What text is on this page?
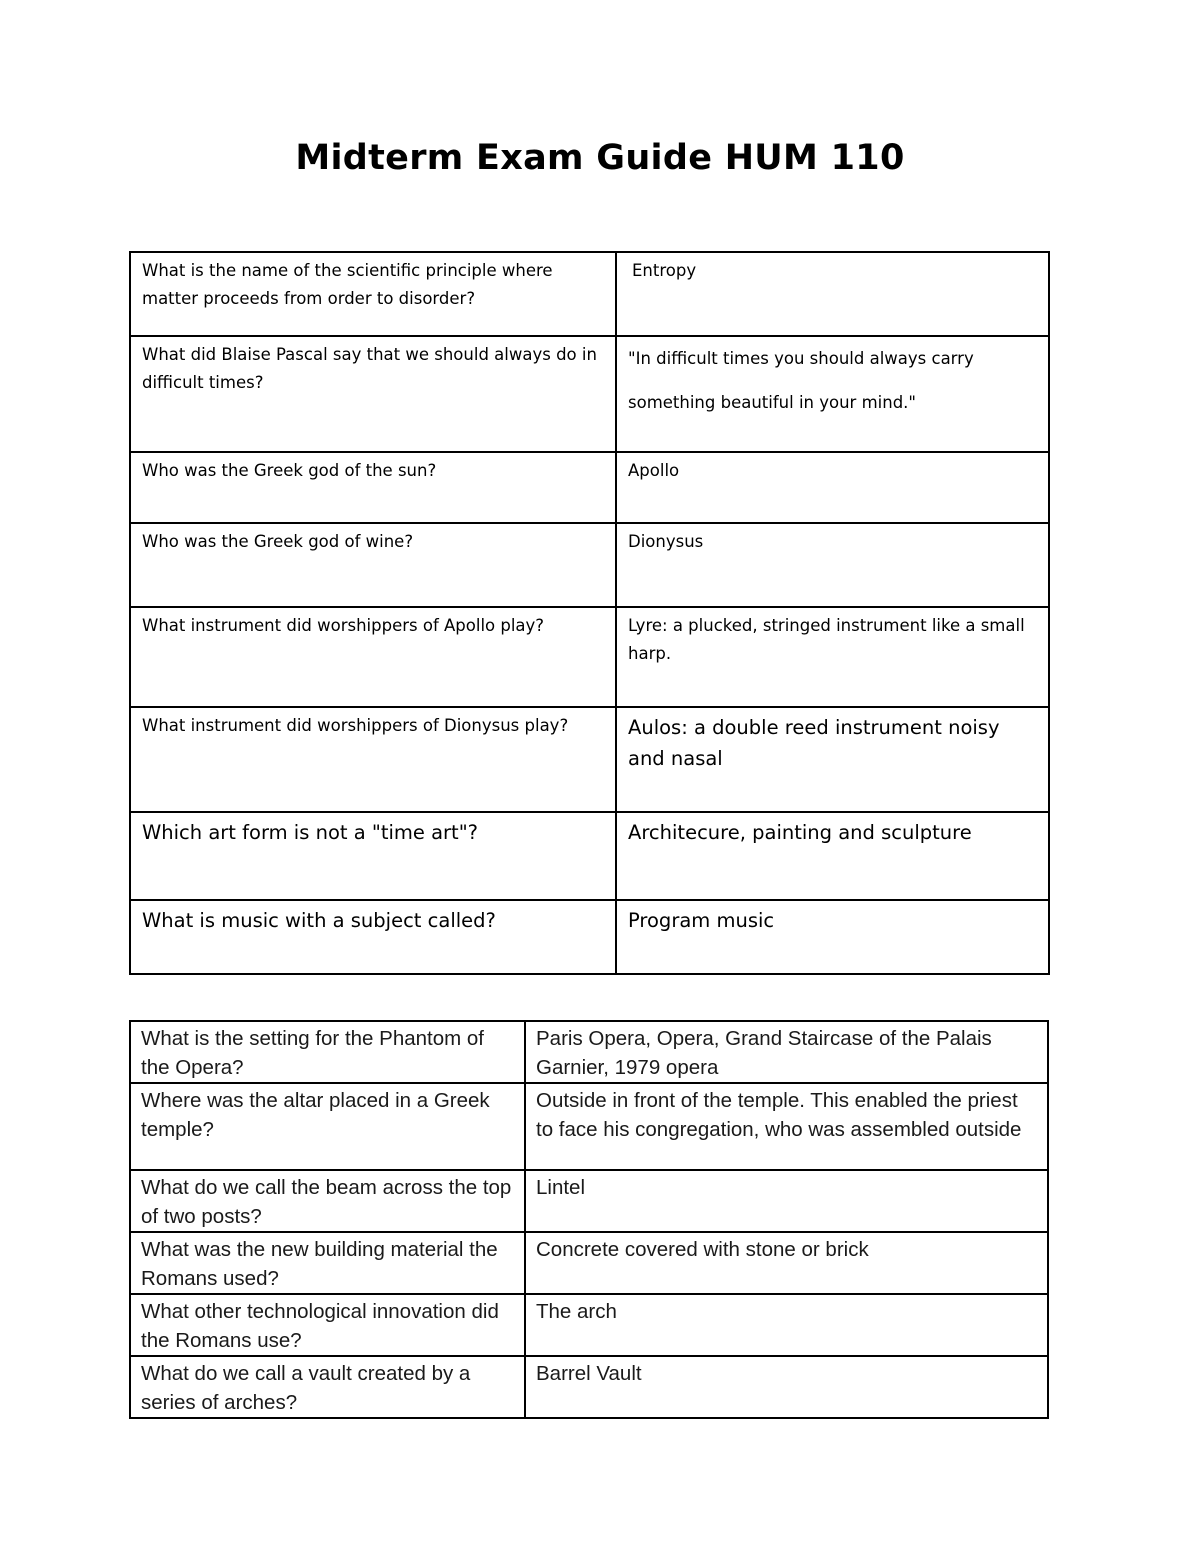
Midterm Exam Guide HUM 110
What is the name of the scientific principle where matter proceeds from order to disorder?	Entropy
What did Blaise Pascal say that we should always do in difficult times?	"In difficult times you should always carry something beautiful in your mind."
Who was the Greek god of the sun?	Apollo
Who was the Greek god of wine?	Dionysus
What instrument did worshippers of Apollo play?	Lyre: a plucked, stringed instrument like a small harp.
What instrument did worshippers of Dionysus play?	Aulos: a double reed instrument noisy and nasal
Which art form is not a "time art"?	Architecure, painting and sculpture
What is music with a subject called?	Program music
What is the setting for the Phantom of the Opera?	Paris Opera, Opera, Grand Staircase of the Palais Garnier, 1979 opera
Where was the altar placed in a Greek temple?	Outside in front of the temple. This enabled the priest to face his congregation, who was assembled outside
What do we call the beam across the top of two posts?	Lintel
What was the new building material the Romans used?	Concrete covered with stone or brick
What other technological innovation did the Romans use?	The arch
What do we call a vault created by a series of arches?	Barrel Vault
